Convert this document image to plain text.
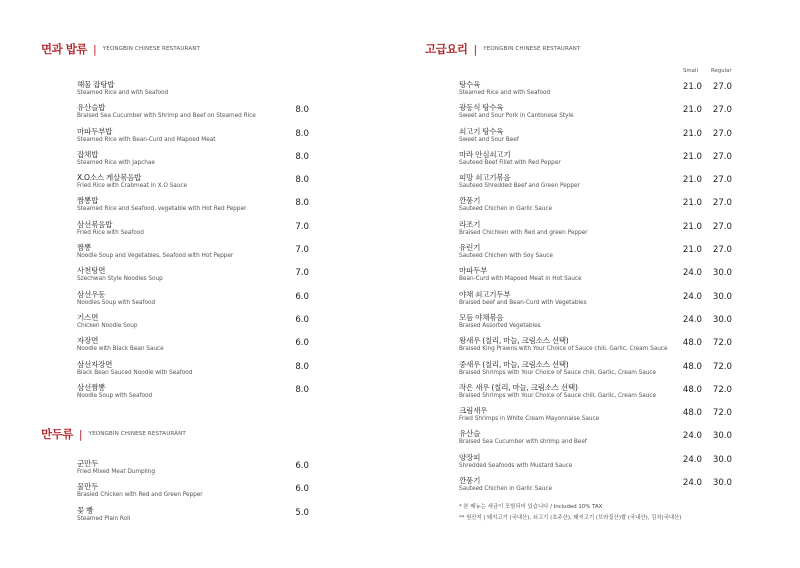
면과 밥류 | YEONGBIN CHINESE RESTAURANT
해물 잡탕밥
Steamed Rice and with Seafood
유산슬밥
Braised Sea Cucumber with Shrimp and Beef on Steamed Rice
8.0
마파두부밥
Steamed Rice with Bean-Curd and Mapoed Meat
8.0
잡채밥
Steamed Rice with Japchae
8.0
X.O소스 게살볶음밥
Fried Rice with Crabmeat in X.O Sauce
8.0
짬뽕밥
Steamed Rice and Seafood, vegetable with Hot Red Pepper
8.0
삼선볶음밥
Fried Rice with Seafood
7.0
짬뽕
Noodle Soup and Vegetables, Seafood with Hot Pepper
7.0
사천탕면
Szechwan Style Noodles Soup
7.0
삼선우동
Noodles Soup with Seafood
6.0
기스면
Chicken Noodle Soup
6.0
자장면
Noodle with Black Bean Sauce
6.0
삼선자장면
Black Bean Sauced Noodle with Seafood
8.0
삼선짬뽕
Noodle Soup with Seafood
8.0
만두류 | YEONGBIN CHINESE RESTAURANT
군만두
Fried Mixed Meat Dumpling
6.0
물만두
Brasied Chicken with Red and Green Pepper
6.0
꽃 빵
Steamed Plain Roll
5.0
고급요리 | YEONGBIN CHINESE RESTAURANT
Small Regular
탕수육
Steamed Rice and with Seafood
21.0	27.0
광동식 탕수육
Sweet and Sour Pork in Cantonese Style
21.0	27.0
쇠고기 탕수육
Sweet and Sour Beef
21.0	27.0
마라 안심쇠고기
Sauteed Beef Fillet with Red Pepper
21.0	27.0
피망 쇠고기볶음
Sauteed Shredded Beef and Green Pepper
21.0	27.0
깐풍기
Sauteed Chichen in Garlic Sauce
21.0	27.0
라조기
Braised Chichken with Red and green Pepper
21.0	27.0
유린기
Sauteed Chichen with Soy Sauce
21.0	27.0
마파두부
Bean-Curd with Mapoed Meat in Hot Sauce
24.0	30.0
야채 쇠고기두부
Braised beef and Bean-Curd with Vegetables
24.0	30.0
모듬 야채볶음
Braised Assorted Vegetables
24.0	30.0
왕새우 (칠리, 마늘, 크림소스 선택)
Braised King Prawns with Your Choice of Sauce chili, Garlic, Cream Sauce
48.0	72.0
중새우 (칠리, 마늘, 크림소스 선택)
Braised Shrimps with Your Choice of Sauce chili, Garlic, Cream Sauce
48.0	72.0
작은 새우 (칠리, 마늘, 크림소스 선택)
Braised Shrimps with Your Choice of Sauce chili, Garlic, Cream Sauce
48.0	72.0
크림새우
Fried Shrimps in White Cream Mayonnaise Sauce
48.0	72.0
유산슬
Braised Sea Cucumber with shrimp and Beef
24.0	30.0
양장피
Shredded Seafoods with Mustard Sauce
24.0	30.0
깐풍기
Sauteed Chichen in Garlic Sauce
24.0	30.0
* 본 메뉴는 세금이 포함되어 있습니다 / Included 10% TAX
** 원산지 | 돼지고기 (국내산), 쇠고기 (호주산), 돼지고기 (브라질산)쌀 (국내산), 김치(국내산)
